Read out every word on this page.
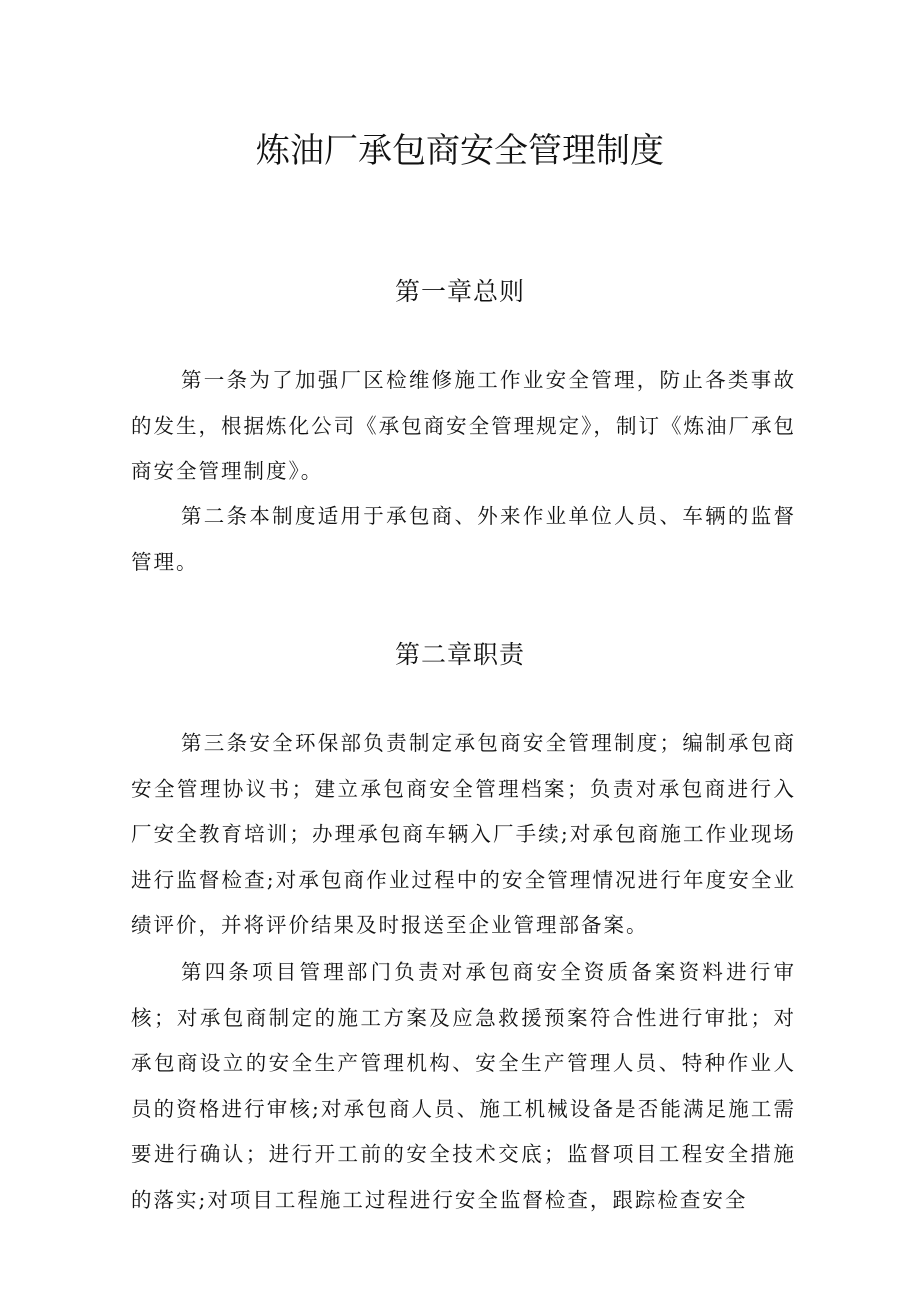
炼油厂承包商安全管理制度
第一章总则

第一条为了加强厂区检维修施工作业安全管理，防止各类事故的发生，根据炼化公司《承包商安全管理规定》，制订《炼油厂承包商安全管理制度》。

第二条本制度适用于承包商、外来作业单位人员、车辆的监督管理。

第二章职责

第三条安全环保部负责制定承包商安全管理制度；编制承包商安全管理协议书；建立承包商安全管理档案；负责对承包商进行入厂安全教育培训；办理承包商车辆入厂手续;对承包商施工作业现场进行监督检查;对承包商作业过程中的安全管理情况进行年度安全业绩评价，并将评价结果及时报送至企业管理部备案。

第四条项目管理部门负责对承包商安全资质备案资料进行审核；对承包商制定的施工方案及应急救援预案符合性进行审批；对承包商设立的安全生产管理机构、安全生产管理人员、特种作业人员的资格进行审核;对承包商人员、施工机械设备是否能满足施工需要进行确认；进行开工前的安全技术交底；监督项目工程安全措施的落实;对项目工程施工过程进行安全监督检查，跟踪检查安全
